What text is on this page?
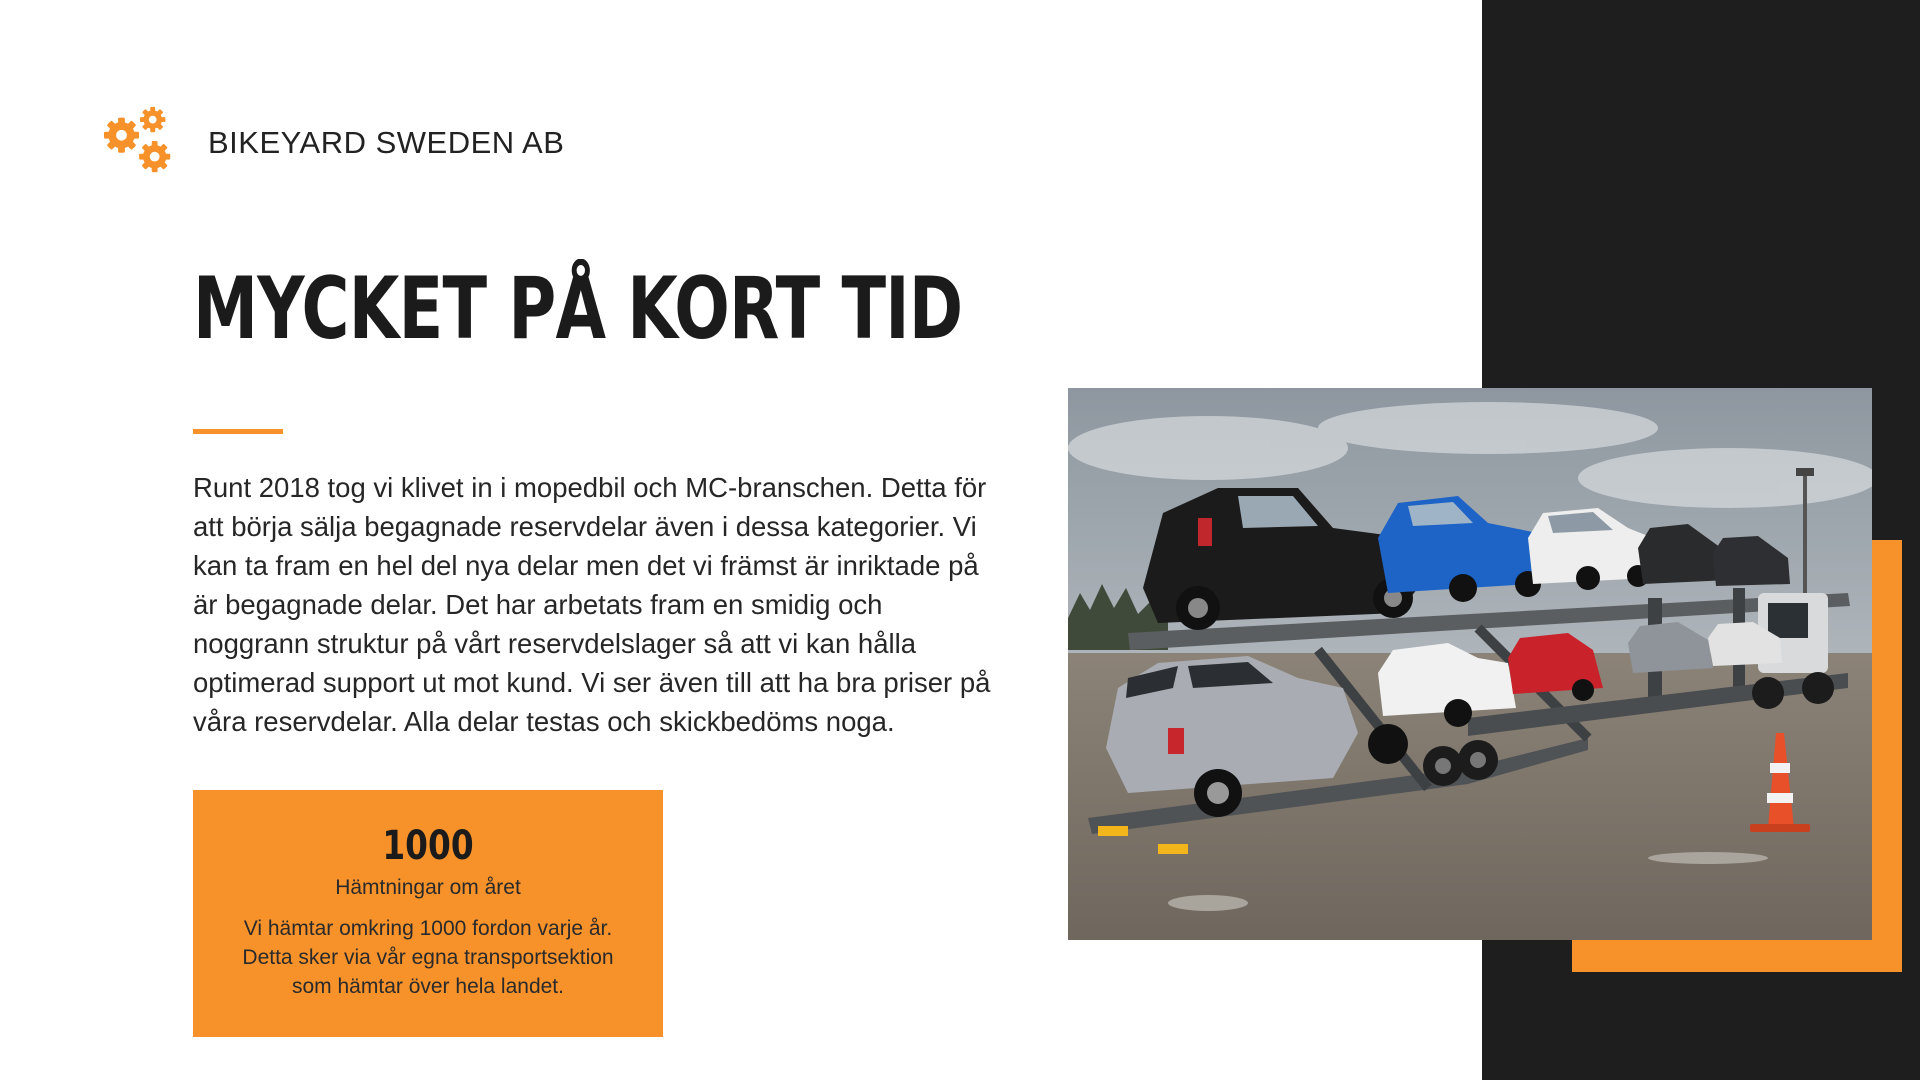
BIKEYARD SWEDEN AB
MYCKET PÅ KORT TID

Runt 2018 tog vi klivet in i mopedbil och MC-branschen. Detta för att börja sälja begagnade reservdelar även i dessa kategorier. Vi kan ta fram en hel del nya delar men det vi främst är inriktade på är begagnade delar. Det har arbetats fram en smidig och noggrann struktur på vårt reservdelslager så att vi kan hålla optimerad support ut mot kund. Vi ser även till att ha bra priser på våra reservdelar. Alla delar testas och skickbedöms noga.

1000
Hämtningar om året
Vi hämtar omkring 1000 fordon varje år. Detta sker via vår egna transportsektion som hämtar över hela landet.
